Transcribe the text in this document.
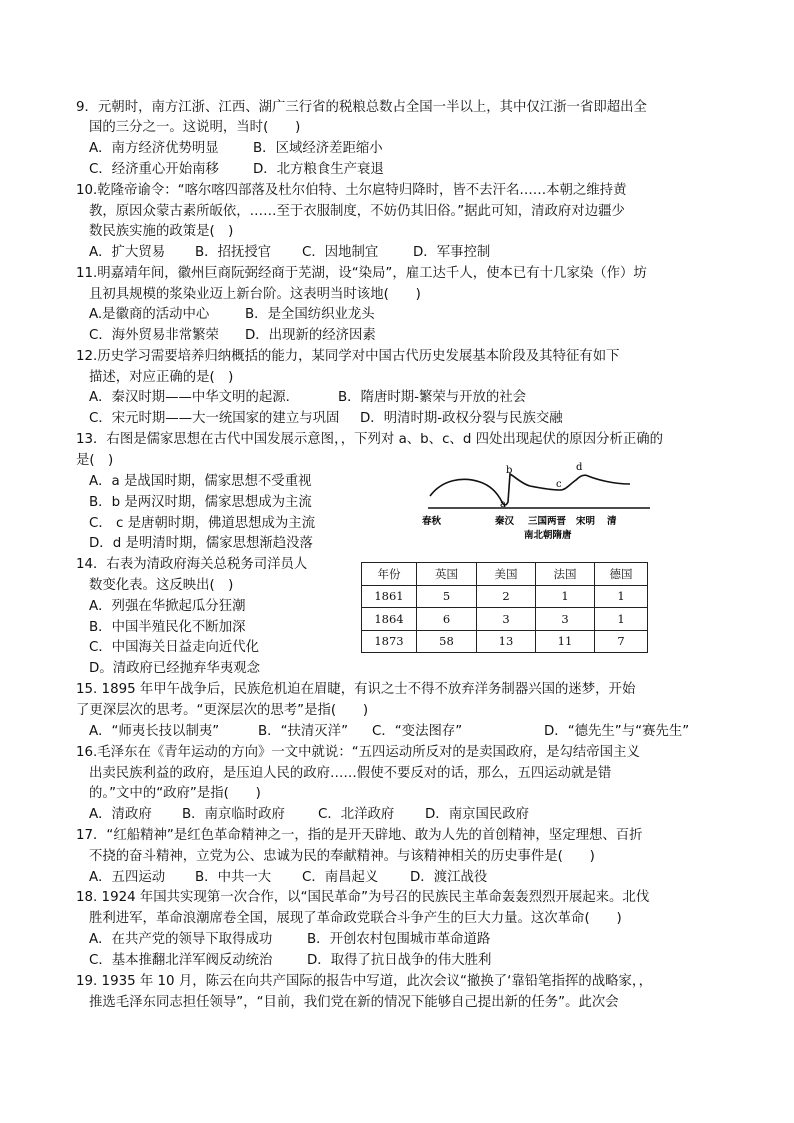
9．元朝时，南方江浙、江西、湖广三行省的税粮总数占全国一半以上，其中仅江浙一省即超出全
国的三分之一。这说明，当时(　　)
A．南方经济优势明显	B．区域经济差距缩小
C．经济重心开始南移	D．北方粮食生产衰退
10.乾隆帝谕令：“喀尔喀四部落及杜尔伯特、土尔扈特归降时，皆不去汗名……本朝之维持黄
教，原因众蒙古素所皈依，……至于衣服制度，不妨仍其旧俗。”据此可知，清政府对边疆少
数民族实施的政策是(　)
A．扩大贸易 B．招抚授官 C．因地制宜	D．军事控制
11.明嘉靖年间，徽州巨商阮弼经商于芜湖，设“染局”，雇工达千人，使本已有十几家染（作）坊
且初具规模的浆染业迈上新台阶。这表明当时该地(　　)
A.是徽商的活动中心	B．是全国纺织业龙头
C．海外贸易非常繁荣 D．出现新的经济因素
12.历史学习需要培养归纳概括的能力，某同学对中国古代历史发展基本阶段及其特征有如下
描述，对应正确的是(　)
A．秦汉时期——中华文明的起源．	B．隋唐时期-繁荣与开放的社会
C．宋元时期——大一统国家的建立与巩固 D．明清时期-政权分裂与民族交融
13．右图是儒家思想在古代中国发展示意图，，下列对 a、b、c、d 四处出现起伏的原因分析正确的
是(　)
A．a 是战国时期，儒家思想不受重视
B．b 是两汉时期，儒家思想成为主流
C． c 是唐朝时期，佛道思想成为主流
D．d 是明清时期，儒家思想渐趋没落
a
b
c
d
春秋	秦汉 三国两晋 宋明 清
南北朝隋唐
14．右表为清政府海关总税务司洋员人
数变化表。这反映出(　)
A．列强在华掀起瓜分狂潮
B．中国半殖民化不断加深
C．中国海关日益走向近代化
D。清政府已经抛弃华夷观念
年份	英国	美国	法国	德国
1861	5	2	1	1
1864	6	3	3	1
1873	58	13	11	7
15. 1895 年甲午战争后，民族危机迫在眉睫，有识之士不得不放弃洋务制器兴国的迷梦，开始
了更深层次的思考。“更深层次的思考”是指(　　)
A．“师夷长技以制夷”	B．“扶清灭洋” C．“变法图存”	D．“德先生”与“赛先生”
16.毛泽东在《青年运动的方向》一文中就说：“五四运动所反对的是卖国政府，是勾结帝国主义
出卖民族利益的政府，是压迫人民的政府……假使不要反对的话，那么，五四运动就是错
的。”文中的“政府”是指(　　)
A．清政府 B．南京临时政府 C．北洋政府 D．南京国民政府
17．“红船精神”是红色革命精神之一，指的是开天辟地、敢为人先的首创精神，坚定理想、百折
不挠的奋斗精神，立党为公、忠诚为民的奉献精神。与该精神相关的历史事件是(　　)
A．五四运动 B．中共一大 C．南昌起义 D．渡江战役
18. 1924 年国共实现第一次合作，以“国民革命”为号召的民族民主革命轰轰烈烈开展起来。北伐
胜利进军，革命浪潮席卷全国，展现了革命政党联合斗争产生的巨大力量。这次革命(　　)
A．在共产党的领导下取得成功	B．开创农村包围城市革命道路
C．基本推翻北洋军阀反动统治	D．取得了抗日战争的伟大胜利
19. 1935 年 10 月，陈云在向共产国际的报告中写道，此次会议“撤换了‘靠铅笔指挥的战略家，，
推选毛泽东同志担任领导”，“目前，我们党在新的情况下能够自己提出新的任务”。此次会
